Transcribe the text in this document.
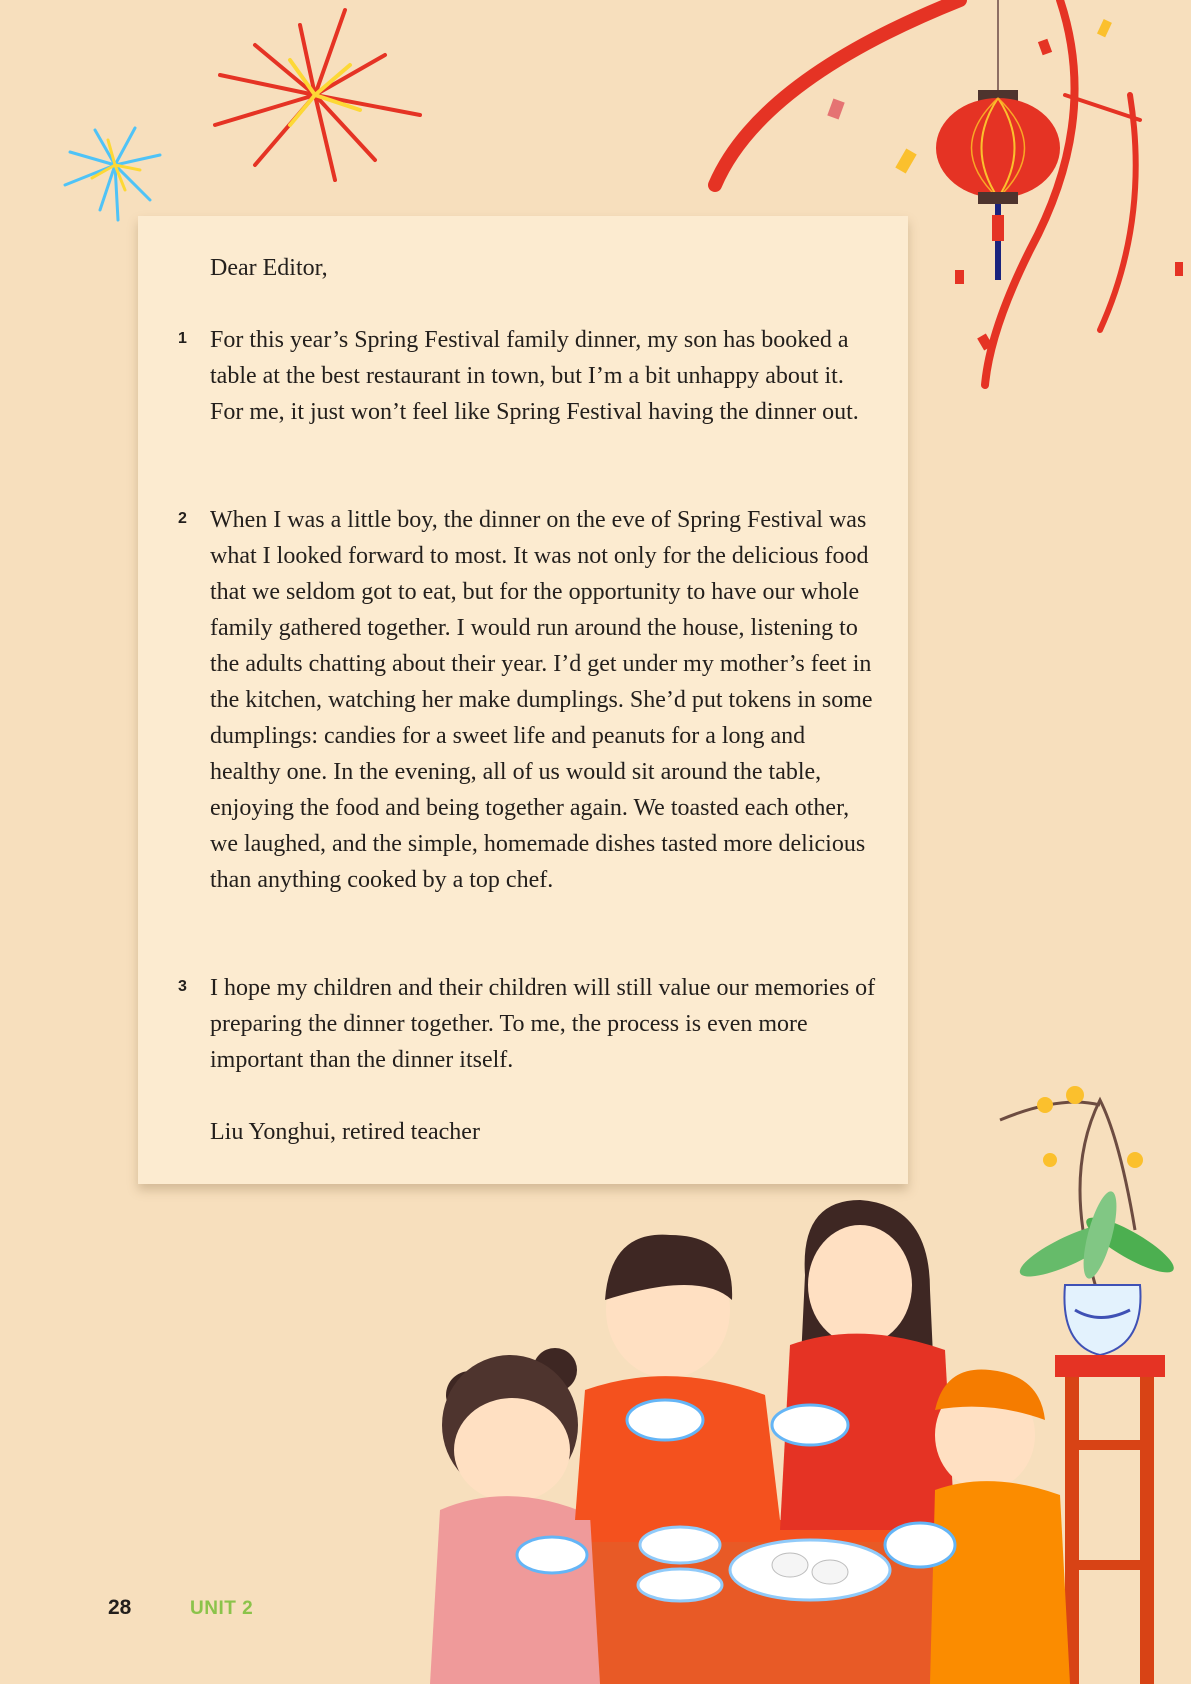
Dear Editor,

1 For this year’s Spring Festival family dinner, my son has booked a table at the best restaurant in town, but I’m a bit unhappy about it. For me, it just won’t feel like Spring Festival having the dinner out.

2 When I was a little boy, the dinner on the eve of Spring Festival was what I looked forward to most. It was not only for the delicious food that we seldom got to eat, but for the opportunity to have our whole family gathered together. I would run around the house, listening to the adults chatting about their year. I’d get under my mother’s feet in the kitchen, watching her make dumplings. She’d put tokens in some dumplings: candies for a sweet life and peanuts for a long and healthy one. In the evening, all of us would sit around the table, enjoying the food and being together again. We toasted each other, we laughed, and the simple, homemade dishes tasted more delicious than anything cooked by a top chef.

3 I hope my children and their children will still value our memories of preparing the dinner together. To me, the process is even more important than the dinner itself.

Liu Yonghui, retired teacher

28	UNIT 2
